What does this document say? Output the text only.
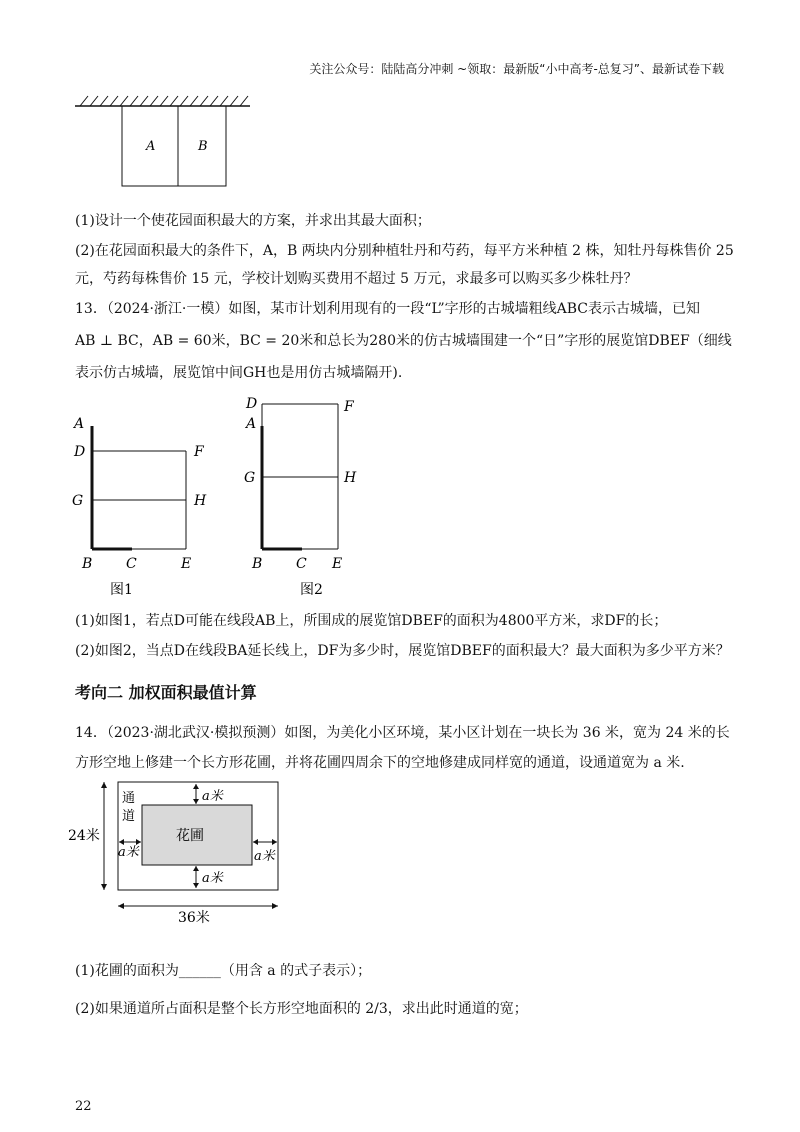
关注公众号：陆陆高分冲刺 ~领取：最新版“小中高考-总复习”、最新试卷下载
A	B
(1)设计一个使花园面积最大的方案，并求出其最大面积；
(2)在花园面积最大的条件下，A，B 两块内分别种植牡丹和芍药，每平方米种植 2 株，知牡丹每株售价 25
元，芍药每株售价 15 元，学校计划购买费用不超过 5 万元，求最多可以购买多少株牡丹？
13．（2024·浙江·一模）如图，某市计划利用现有的一段“L”字形的古城墙粗线ABC表示古城墙，已知
AB ⊥ BC，AB = 60米，BC = 20米和总长为280米的仿古城墙围建一个“日”字形的展览馆DBEF（细线
表示仿古城墙，展览馆中间GH也是用仿古城墙隔开).
A
D	F
G	H
B C	E
图1
D	F
A
G	H
B C E
图2
(1)如图1，若点D可能在线段AB上，所围成的展览馆DBEF的面积为4800平方米，求DF的长；
(2)如图2，当点D在线段BA延长线上，DF为多少时，展览馆DBEF的面积最大？最大面积为多少平方米？
考向二 加权面积最值计算
14．（2023·湖北武汉·模拟预测）如图，为美化小区环境，某小区计划在一块长为 36 米，宽为 24 米的长
方形空地上修建一个长方形花圃，并将花圃四周余下的空地修建成同样宽的通道，设通道宽为 a 米.
花圃
通
道
a米
a米
a米	a米
24米
36米
(1)花圃的面积为______（用含 a 的式子表示）；
(2)如果通道所占面积是整个长方形空地面积的 2/3，求出此时通道的宽；
22
